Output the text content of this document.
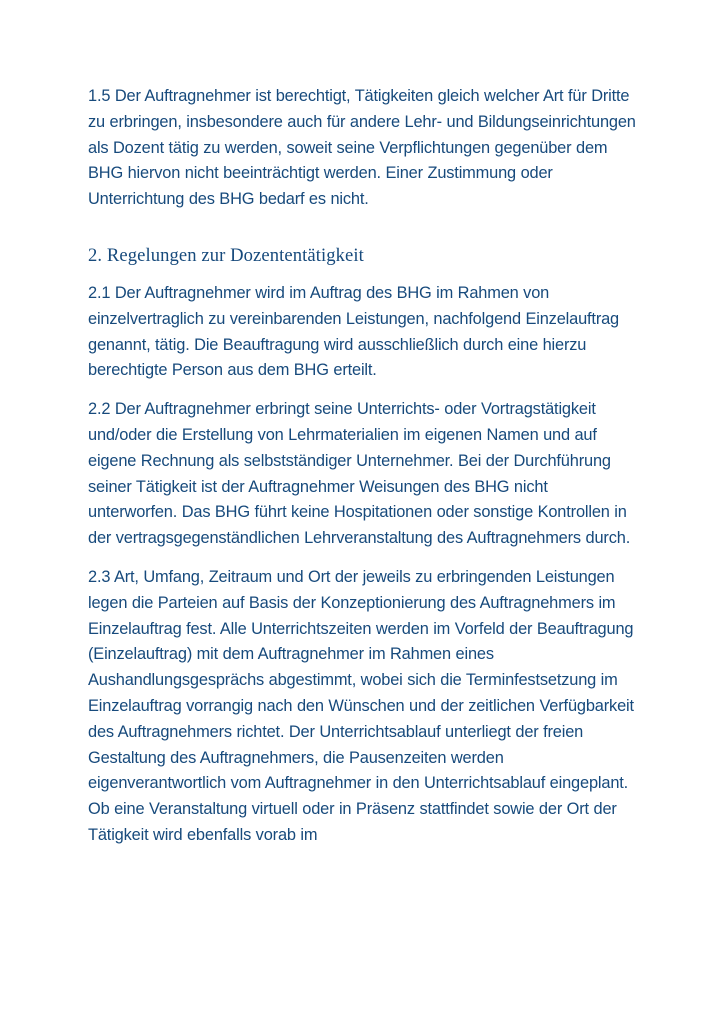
1.5 Der Auftragnehmer ist berechtigt, Tätigkeiten gleich welcher Art für Dritte zu erbringen, insbesondere auch für andere Lehr- und Bildungseinrichtungen als Dozent tätig zu werden, soweit seine Verpflichtungen gegenüber dem BHG hiervon nicht beeinträchtigt werden. Einer Zustimmung oder Unterrichtung des BHG bedarf es nicht.

2. Regelungen zur Dozententätigkeit

2.1 Der Auftragnehmer wird im Auftrag des BHG im Rahmen von einzelvertraglich zu vereinbarenden Leistungen, nachfolgend Einzelauftrag genannt, tätig. Die Beauftragung wird ausschließlich durch eine hierzu berechtigte Person aus dem BHG erteilt.

2.2 Der Auftragnehmer erbringt seine Unterrichts- oder Vortragstätigkeit und/oder die Erstellung von Lehrmaterialien im eigenen Namen und auf eigene Rechnung als selbstständiger Unternehmer. Bei der Durchführung seiner Tätigkeit ist der Auftragnehmer Weisungen des BHG nicht unterworfen. Das BHG führt keine Hospitationen oder sonstige Kontrollen in der vertragsgegenständlichen Lehrveranstaltung des Auftragnehmers durch.

2.3 Art, Umfang, Zeitraum und Ort der jeweils zu erbringenden Leistungen legen die Parteien auf Basis der Konzeptionierung des Auftragnehmers im Einzelauftrag fest. Alle Unterrichtszeiten werden im Vorfeld der Beauftragung (Einzelauftrag) mit dem Auftragnehmer im Rahmen eines Aushandlungsgesprächs abgestimmt, wobei sich die Terminfestsetzung im Einzelauftrag vorrangig nach den Wünschen und der zeitlichen Verfügbarkeit des Auftragnehmers richtet. Der Unterrichtsablauf unterliegt der freien Gestaltung des Auftragnehmers, die Pausenzeiten werden eigenverantwortlich vom Auftragnehmer in den Unterrichtsablauf eingeplant. Ob eine Veranstaltung virtuell oder in Präsenz stattfindet sowie der Ort der Tätigkeit wird ebenfalls vorab im
